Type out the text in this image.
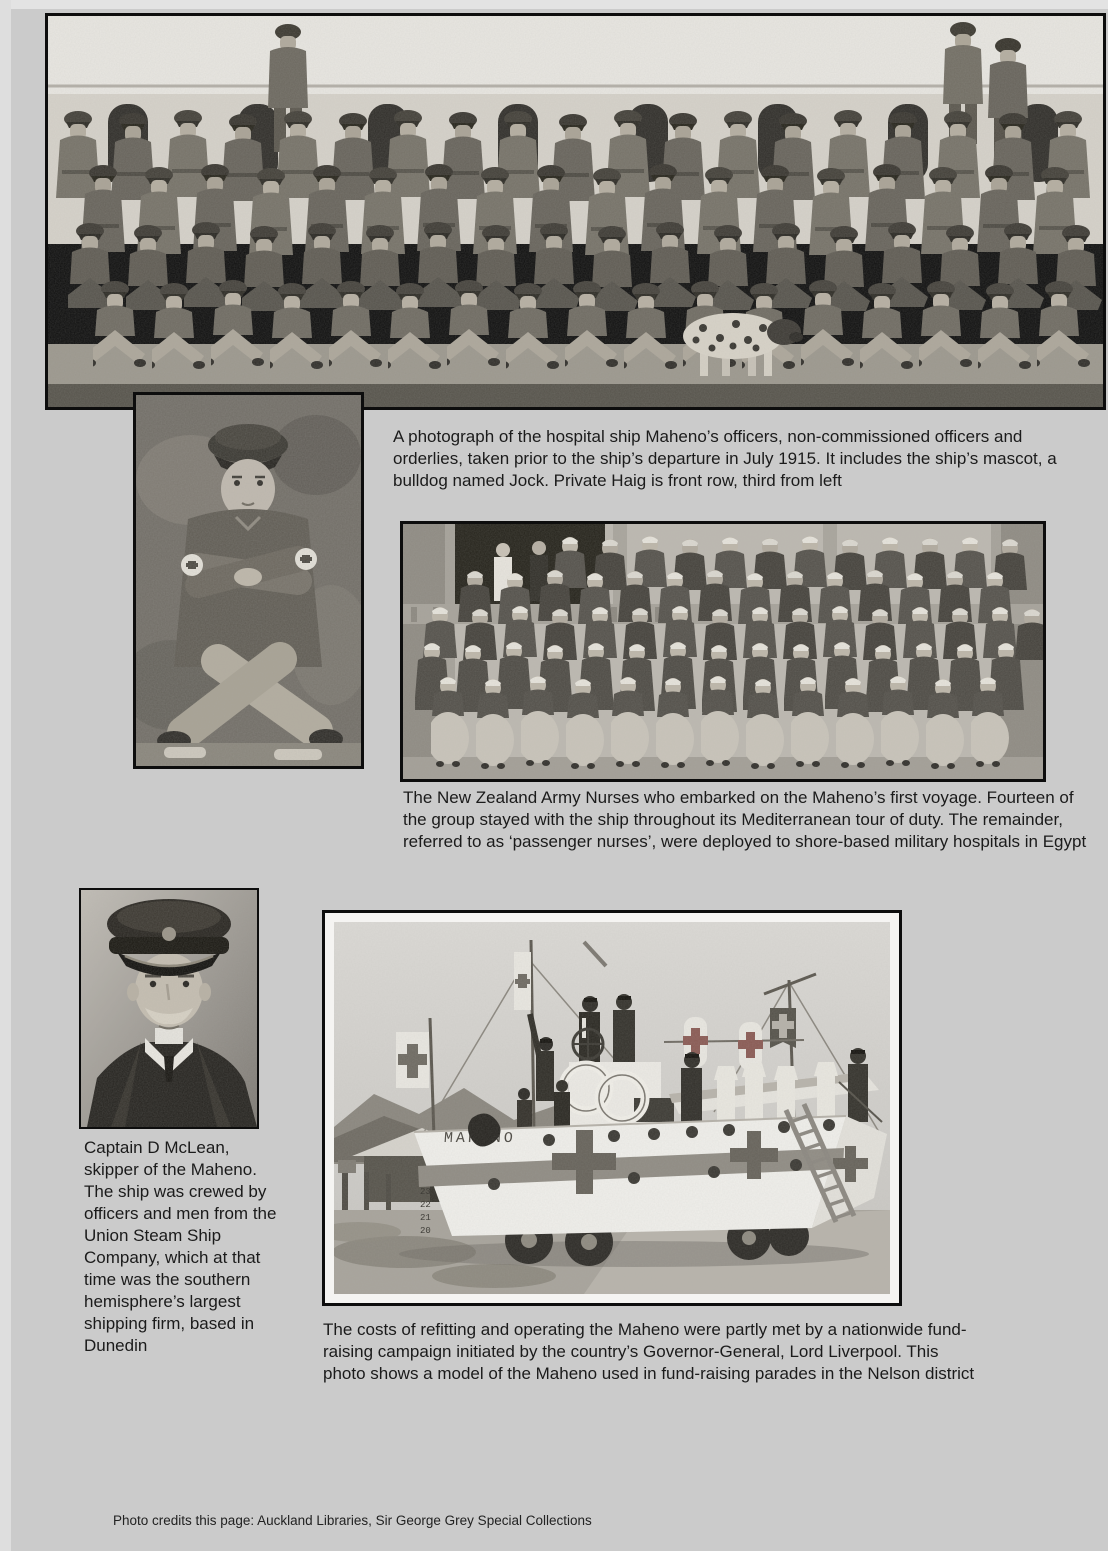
A photograph of the hospital ship Maheno’s officers, non-commissioned officers and orderlies, taken prior to the ship’s departure in July 1915. It includes the ship’s mascot, a bulldog named Jock. Private Haig is front row, third from left

The New Zealand Army Nurses who embarked on the Maheno’s first voyage. Fourteen of the group stayed with the ship throughout its Mediterranean tour of duty. The remainder, referred to as ‘passenger nurses’, were deployed to shore-based military hospitals in Egypt

Captain D McLean, skipper of the Maheno. The ship was crewed by officers and men from the Union Steam Ship Company, which at that time was the southern hemisphere’s largest shipping firm, based in Dunedin

The costs of refitting and operating the Maheno were partly met by a nationwide fund-raising campaign initiated by the country’s Governor-General, Lord Liverpool. This photo shows a model of the Maheno used in fund-raising parades in the Nelson district

Photo credits this page: Auckland Libraries, Sir George Grey Special Collections
